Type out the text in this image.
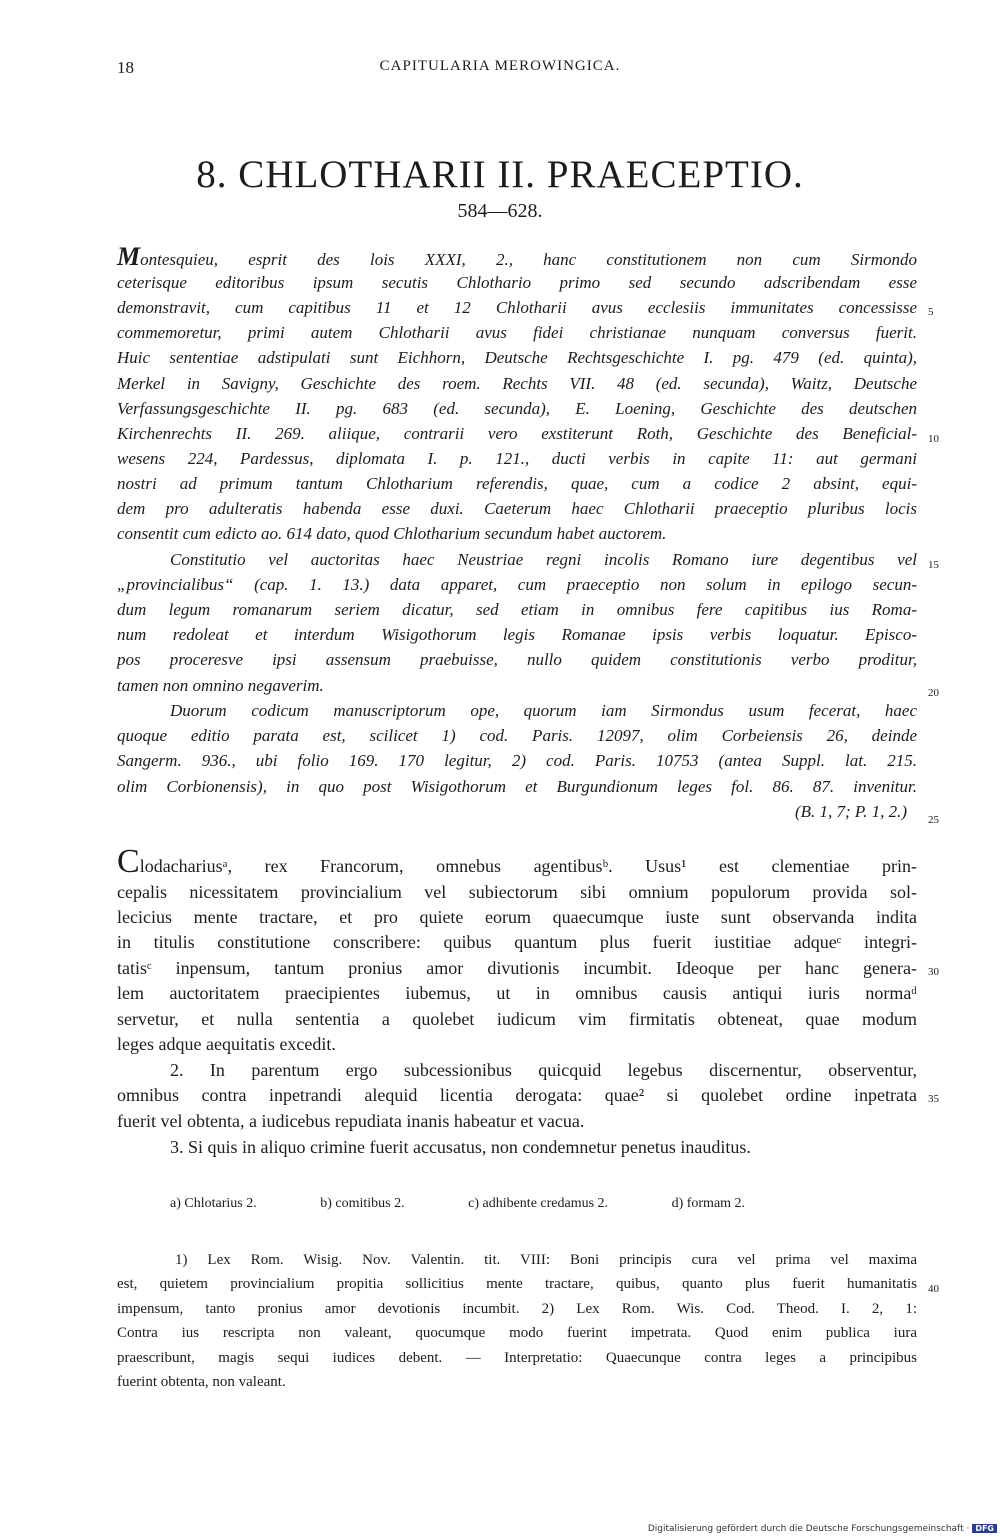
18	CAPITULARIA MEROWINGICA.
8. CHLOTHARII II. PRAECEPTIO.
584—628.
Montesquieu, esprit des lois XXXI, 2., hanc constitutionem non cum Sirmondo
ceterisque editoribus ipsum secutis Chlothario primo sed secundo adscribendam esse
demonstravit, cum capitibus 11 et 12 Chlotharii avus ecclesiis immunitates concessisse
commemoretur, primi autem Chlotharii avus fidei christianae nunquam conversus fuerit.
Huic sententiae adstipulati sunt Eichhorn, Deutsche Rechtsgeschichte I. pg. 479 (ed. quinta),
Merkel in Savigny, Geschichte des roem. Rechts VII. 48 (ed. secunda), Waitz, Deutsche
Verfassungsgeschichte II. pg. 683 (ed. secunda), E. Loening, Geschichte des deutschen
Kirchenrechts II. 269. aliique, contrarii vero exstiterunt Roth, Geschichte des Beneficial-
wesens 224, Pardessus, diplomata I. p. 121., ducti verbis in capite 11: aut germani
nostri ad primum tantum Chlotharium referendis, quae, cum a codice 2 absint, equi-
dem pro adulteratis habenda esse duxi. Caeterum haec Chlotharii praeceptio pluribus locis
consentit cum edicto ao. 614 dato, quod Chlotharium secundum habet auctorem.
Constitutio vel auctoritas haec Neustriae regni incolis Romano iure degentibus vel
„provincialibus“ (cap. 1. 13.) data apparet, cum praeceptio non solum in epilogo secun-
dum legum romanarum seriem dicatur, sed etiam in omnibus fere capitibus ius Roma-
num redoleat et interdum Wisigothorum legis Romanae ipsis verbis loquatur. Episco-
pos proceresve ipsi assensum praebuisse, nullo quidem constitutionis verbo proditur,
tamen non omnino negaverim.
Duorum codicum manuscriptorum ope, quorum iam Sirmondus usum fecerat, haec
quoque editio parata est, scilicet 1) cod. Paris. 12097, olim Corbeiensis 26, deinde
Sangerm. 936., ubi folio 169. 170 legitur, 2) cod. Paris. 10753 (antea Suppl. lat. 215.
olim Corbionensis), in quo post Wisigothorum et Burgundionum leges fol. 86. 87. invenitur.
(B. 1, 7; P. 1, 2.)
Clodachariusᵃ, rex Francorum, omnebus agentibusᵇ. Usus¹ est clementiae prin-
cepalis nicessitatem provincialium vel subiectorum sibi omnium populorum provida sol-
lecicius mente tractare, et pro quiete eorum quaecumque iuste sunt observanda indita
in titulis constitutione conscribere: quibus quantum plus fuerit iustitiae adqueᶜ integri-
tatisᶜ inpensum, tantum pronius amor divutionis incumbit. Ideoque per hanc genera-
lem auctoritatem praecipientes iubemus, ut in omnibus causis antiqui iuris normaᵈ
servetur, et nulla sententia a quolebet iudicum vim firmitatis obteneat, quae modum
leges adque aequitatis excedit.
2. In parentum ergo subcessionibus quicquid legebus discernentur, observentur,
omnibus contra inpetrandi alequid licentia derogata: quae² si quolebet ordine inpetrata
fuerit vel obtenta, a iudicebus repudiata inanis habeatur et vacua.
3. Si quis in aliquo crimine fuerit accusatus, non condemnetur penetus inauditus.
a) Chlotarius 2.	b) comitibus 2.	c) adhibente credamus 2.	d) formam 2.
1) Lex Rom. Wisig. Nov. Valentin. tit. VIII: Boni principis cura vel prima vel maxima
est, quietem provincialium propitia sollicitius mente tractare, quibus, quanto plus fuerit humanitatis
impensum, tanto pronius amor devotionis incumbit. 2) Lex Rom. Wis. Cod. Theod. I. 2, 1:
Contra ius rescripta non valeant, quocumque modo fuerint impetrata. Quod enim publica iura
praescribunt, magis sequi iudices debent. — Interpretatio: Quaecunque contra leges a principibus
fuerint obtenta, non valeant.
5
10
15
20
25
30
35
40
Digitalisierung gefördert durch die Deutsche Forschungsgemeinschaft · DFG
